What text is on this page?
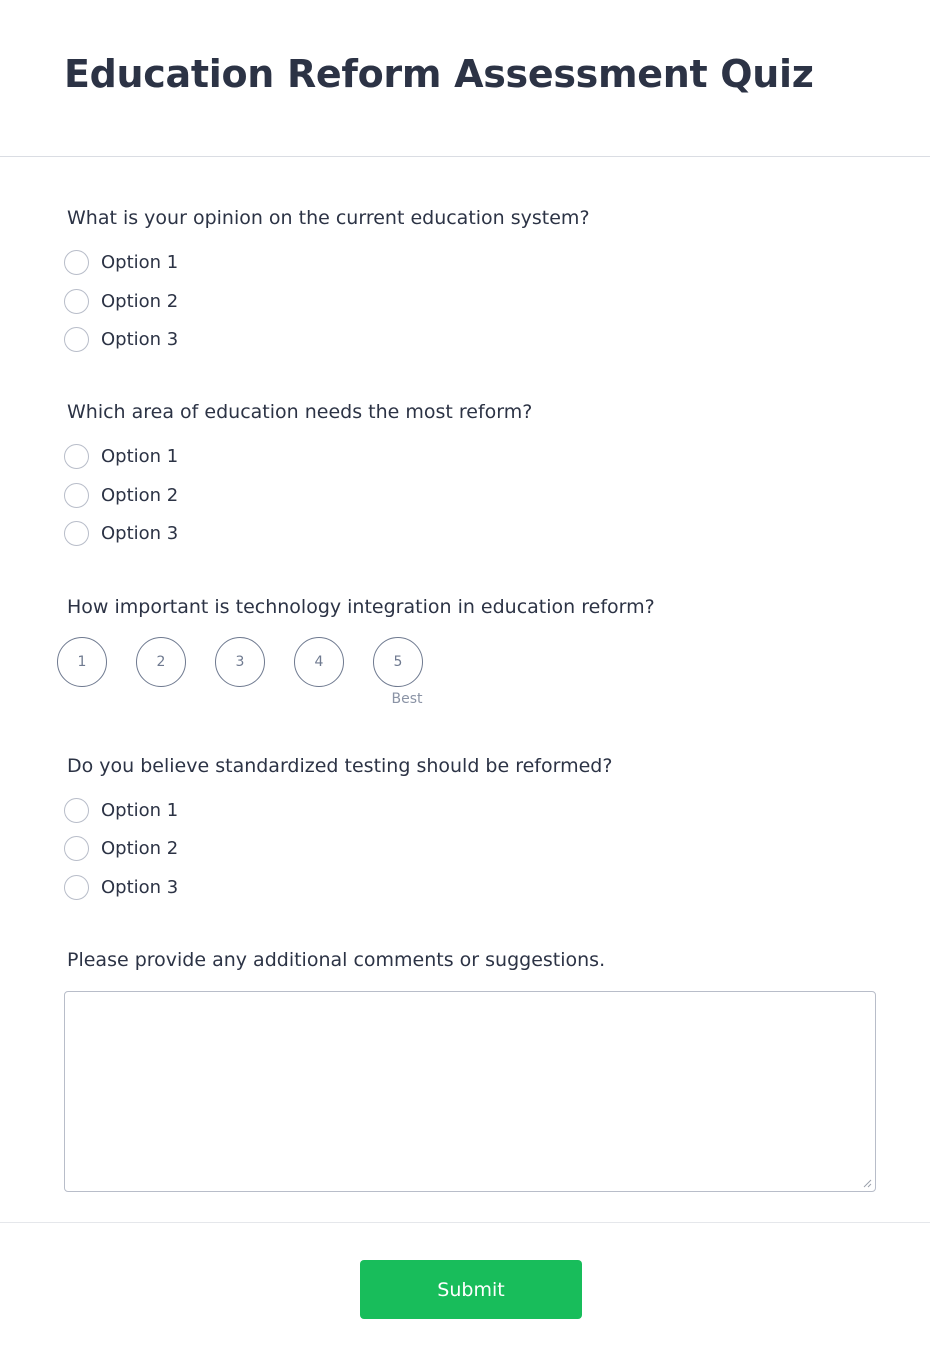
Education Reform Assessment Quiz
What is your opinion on the current education system?
Option 1
Option 2
Option 3
Which area of education needs the most reform?
Option 1
Option 2
Option 3
How important is technology integration in education reform?
1	2	3	4	5
Best
Do you believe standardized testing should be reformed?
Option 1
Option 2
Option 3
Please provide any additional comments or suggestions.
Submit
